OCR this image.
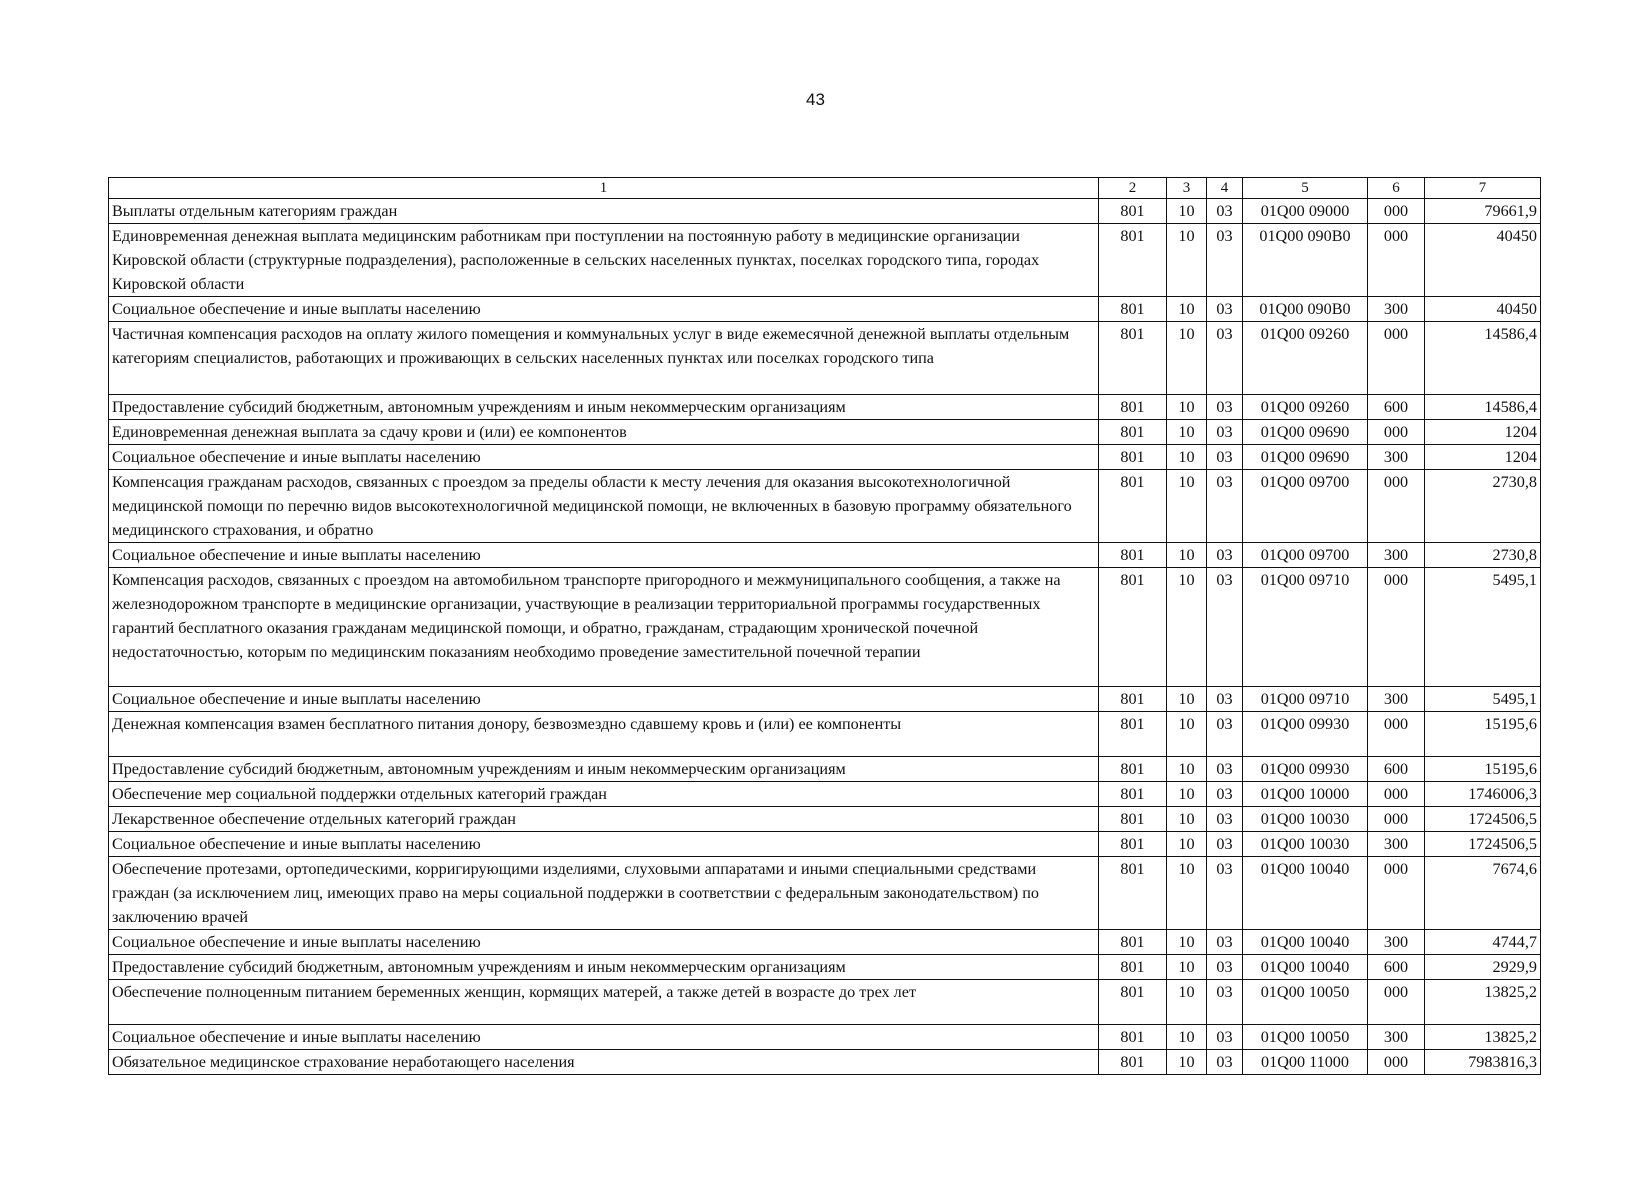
43
1	2	3	4	5	6	7
Выплаты отдельным категориям граждан	801	10	03	01Q00 09000	000	79661,9
Единовременная денежная выплата медицинским работникам при поступлении на постоянную работу в медицинские организации Кировской области (структурные подразделения), расположенные в сельских населенных пунктах, поселках городского типа, городах Кировской области	801	10	03	01Q00 090B0	000	40450
Социальное обеспечение и иные выплаты населению	801	10	03	01Q00 090B0	300	40450
Частичная компенсация расходов на оплату жилого помещения и коммунальных услуг в виде ежемесячной денежной выплаты отдельным категориям специалистов, работающих и проживающих в сельских населенных пунктах или поселках городского типа	801	10	03	01Q00 09260	000	14586,4
Предоставление субсидий бюджетным, автономным учреждениям и иным некоммерческим организациям	801	10	03	01Q00 09260	600	14586,4
Единовременная денежная выплата за сдачу крови и (или) ее компонентов	801	10	03	01Q00 09690	000	1204
Социальное обеспечение и иные выплаты населению	801	10	03	01Q00 09690	300	1204
Компенсация гражданам расходов, связанных с проездом за пределы области к месту лечения для оказания высокотехнологичной медицинской помощи по перечню видов высокотехнологичной медицинской помощи, не включенных в базовую программу обязательного медицинского страхования, и обратно	801	10	03	01Q00 09700	000	2730,8
Социальное обеспечение и иные выплаты населению	801	10	03	01Q00 09700	300	2730,8
Компенсация расходов, связанных с проездом на автомобильном транспорте пригородного и межмуниципального сообщения, а также на железнодорожном транспорте в медицинские организации, участвующие в реализации территориальной программы государственных гарантий бесплатного оказания гражданам медицинской помощи, и обратно, гражданам, страдающим хронической почечной недостаточностью, которым по медицинским показаниям необходимо проведение заместительной почечной терапии	801	10	03	01Q00 09710	000	5495,1
Социальное обеспечение и иные выплаты населению	801	10	03	01Q00 09710	300	5495,1
Денежная компенсация взамен бесплатного питания донору, безвозмездно сдавшему кровь и (или) ее компоненты	801	10	03	01Q00 09930	000	15195,6
Предоставление субсидий бюджетным, автономным учреждениям и иным некоммерческим организациям	801	10	03	01Q00 09930	600	15195,6
Обеспечение мер социальной поддержки отдельных категорий граждан	801	10	03	01Q00 10000	000	1746006,3
Лекарственное обеспечение отдельных категорий граждан	801	10	03	01Q00 10030	000	1724506,5
Социальное обеспечение и иные выплаты населению	801	10	03	01Q00 10030	300	1724506,5
Обеспечение протезами, ортопедическими, корригирующими изделиями, слуховыми аппаратами и иными специальными средствами граждан (за исключением лиц, имеющих право на меры социальной поддержки в соответствии с федеральным законодательством) по заключению врачей	801	10	03	01Q00 10040	000	7674,6
Социальное обеспечение и иные выплаты населению	801	10	03	01Q00 10040	300	4744,7
Предоставление субсидий бюджетным, автономным учреждениям и иным некоммерческим организациям	801	10	03	01Q00 10040	600	2929,9
Обеспечение полноценным питанием беременных женщин, кормящих матерей, а также детей в возрасте до трех лет	801	10	03	01Q00 10050	000	13825,2
Социальное обеспечение и иные выплаты населению	801	10	03	01Q00 10050	300	13825,2
Обязательное медицинское страхование неработающего населения	801	10	03	01Q00 11000	000	7983816,3
